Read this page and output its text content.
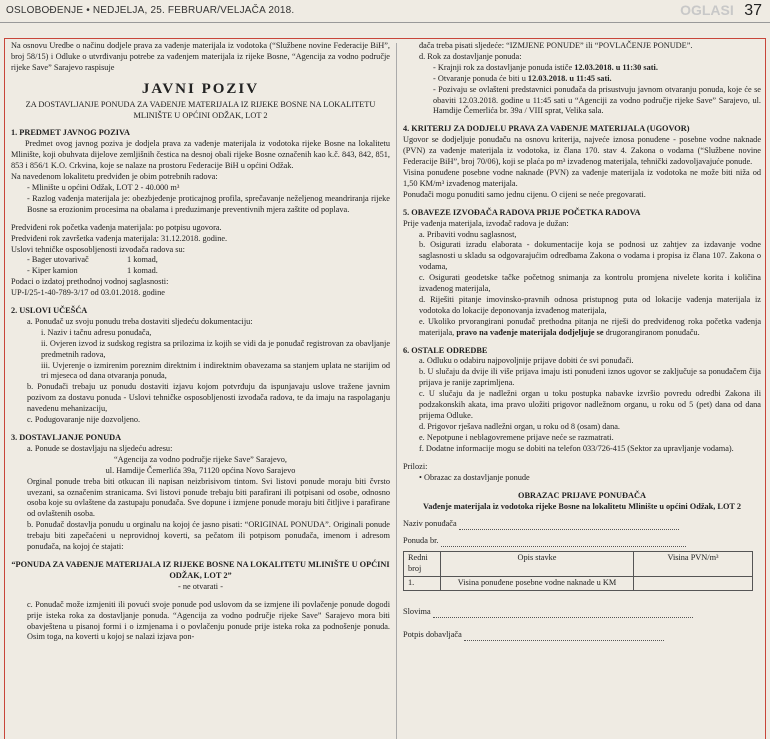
OSLOBOĐENJE • NEDJELJA, 25. FEBRUAR/VELJAČA 2018.	OGLASI 37

Na osnovu Uredbe o načinu dodjele prava za vađenje materijala iz vodotoka (“Službene novine Federacije BiH”, broj 58/15) i Odluke o utvrđivanju potrebe za vađenjem materijala iz rijeke Bosne, “Agencija za vodno područje rijeke Save” Sarajevo raspisuje

JAVNI POZIV
ZA DOSTAVLJANJE PONUDA ZA VAĐENJE MATERIJALA IZ RIJEKE BOSNE NA LOKALITETU MLINIŠTE U OPĆINI ODŽAK, LOT 2
1. PREDMET JAVNOG POZIVA

Predmet ovog javnog poziva je dodjela prava za vađenje materijala iz vodotoka rijeke Bosne na lokalitetu Mlinište, koji obuhvata dijelove zemljišnih čestica na desnoj obali rijeke Bosne označenih kao k.č. 843, 842, 851, 853 i 856/1 K.O. Crkvina, koje se nalaze na prostoru Federacije BiH u općini Odžak.

Na navedenom lokalitetu predviđen je obim potrebnih radova:

- Mlinište u općini Odžak, LOT 2 - 40.000 m³

- Razlog vađenja materijala je: obezbjeđenje proticajnog profila, sprečavanje neželjenog meandriranja rijeke Bosne sa erozionim procesima na obalama i preduzimanje preventivnih mjera zaštite od poplava.

Predviđeni rok početka vađenja materijala: po potpisu ugovora.

Predviđeni rok završetka vađenja materijala: 31.12.2018. godine.

Uslovi tehničke osposobljenosti izvođača radova su:

- Bager utovarivač	1 komad,

- Kiper kamion	1 komad.

Podaci o izdatoj prethodnoj vodnoj saglasnosti:

UP-I/25-1-40-789-3/17 od 03.01.2018. godine

2. USLOVI UČEŠĆA

a. Ponuđač uz svoju ponudu treba dostaviti sljedeću dokumentaciju:

i. Naziv i tačnu adresu ponuđača,

ii. Ovjeren izvod iz sudskog registra sa prilozima iz kojih se vidi da je ponuđač registrovan za obavljanje predmetnih radova,

iii. Uvjerenje o izmirenim poreznim direktnim i indirektnim obavezama sa stanjem uplata ne starijim od tri mjeseca od dana otvaranja ponuda,

b. Ponuđači trebaju uz ponudu dostaviti izjavu kojom potvrđuju da ispunjavaju uslove tražene javnim pozivom za dostavu ponuda - Uslovi tehničke osposobljenosti izvođača radova, te da imaju na raspolaganju navedenu mehanizaciju,

c. Podugovaranje nije dozvoljeno.

3. DOSTAVLJANJE PONUDA

a. Ponude se dostavljaju na sljedeću adresu:

“Agencija za vodno područje rijeke Save” Sarajevo,

ul. Hamdije Čemerlića 39a, 71120 općina Novo Sarajevo

Orginal ponude treba biti otkucan ili napisan neizbrisivom tintom. Svi listovi ponude moraju biti čvrsto uvezani, sa označenim stranicama. Svi listovi ponude trebaju biti parafirani ili potpisani od osobe, odnosno osoba koje su ovlaštene da zastupaju ponuđača. Sve dopune i izmjene ponude moraju biti čitljive i parafirane od ovlaštenih osoba.

b. Ponuđač dostavlja ponudu u orginalu na kojoj će jasno pisati: “ORIGINAL PONUDA”. Originali ponude trebaju biti zapečaćeni u neprovidnoj koverti, sa pečatom ili potpisom ponuđača, imenom i adresom ponuđača, na kojoj će stajati:

“PONUDA ZA VAĐENJE MATERIJALA IZ RIJEKE BOSNE NA LOKALITETU MLINIŠTE U OPĆINI ODŽAK, LOT 2”

- ne otvarati -

c. Ponuđač može izmjeniti ili povući svoje ponude pod uslovom da se izmjene ili povlačenje ponude dogodi prije isteka roka za dostavljanje ponuda. “Agencija za vodno područje rijeke Save” Sarajevo mora biti obavještena u pisanoj formi i o izmjenama i o povlačenju ponude prije isteka roka za podnošenje ponuda. Osim toga, na koverti u kojoj se nalazi izjava pon-

đača treba pisati sljedeće: “IZMJENE PONUDE” ili “POVLAČENJE PONUDE”.

d. Rok za dostavljanje ponuda:

- Krajnji rok za dostavljanje ponuda ističe 12.03.2018. u 11:30 sati.

- Otvaranje ponuda će biti u 12.03.2018. u 11:45 sati.

- Pozivaju se ovlašteni predstavnici ponuđača da prisustvuju javnom otvaranju ponuda, koje će se obaviti 12.03.2018. godine u 11:45 sati u “Agenciji za vodno područje rijeke Save” Sarajevo, ul. Hamdije Čemerlića br. 39a / VIII sprat, Velika sala.

4. KRITERIJ ZA DODJELU PRAVA ZA VAĐENJE MATERIJALA (UGOVOR)

Ugovor se dodjeljuje ponuđaču na osnovu kriterija, najveće iznosa ponuđene - posebne vodne naknade (PVN) za vađenje materijala iz vodotoka, iz člana 170. stav 4. Zakona o vodama (“Službene novine Federacije BiH”, broj 70/06), koji se plaća po m³ izvađenog materijala, tehnički zadovoljavajuće ponude.

Visina ponuđene posebne vodne naknade (PVN) za vađenje materijala iz vodotoka ne može biti niža od 1,50 KM/m³ izvađenog materijala.

Ponuđači mogu ponuditi samo jednu cijenu. O cijeni se neće pregovarati.

5. OBAVEZE IZVOĐAČA RADOVA PRIJE POČETKA RADOVA

Prije vađenja materijala, izvođač radova je dužan:

a. Pribaviti vodnu saglasnost,

b. Osigurati izradu elaborata - dokumentacije koja se podnosi uz zahtjev za izdavanje vodne saglasnosti u skladu sa odgovarajućim odredbama Zakona o vodama i propisa iz člana 107. Zakona o vodama,

c. Osigurati geodetske tačke početnog snimanja za kontrolu promjena nivelete korita i količina izvađenog materijala,

d. Riješiti pitanje imovinsko-pravnih odnosa pristupnog puta od lokacije vađenja materijala iz vodotoka do lokacije deponovanja izvađenog materijala,

e. Ukoliko prvorangirani ponuđač prethodna pitanja ne riješi do predviđenog roka početka vađenja materijala, pravo na vađenje materijala dodjeljuje se drugorangiranom ponuđaču.

6. OSTALE ODREDBE

a. Odluku o odabiru najpovoljnije prijave dobiti će svi ponuđači.

b. U slučaju da dvije ili više prijava imaju isti ponuđeni iznos ugovor se zaključuje sa ponuđačem čija prijava je ranije zaprimljena.

c. U slučaju da je nadležni organ u toku postupka nabavke izvršio povredu odredbi Zakona ili podzakonskih akata, ima pravo uložiti prigovor nadležnom organu, u roku od 5 (pet) dana od dana prijema Odluke.

d. Prigovor rješava nadležni organ, u roku od 8 (osam) dana.

e. Nepotpune i neblagovremene prijave neće se razmatrati.

f. Dodatne informacije mogu se dobiti na telefon 033/726-415 (Sektor za upravljanje vodama).

Prilozi:

• Obrazac za dostavljanje ponude

OBRAZAC PRIJAVE PONUĐAČA

Vađenje materijala iz vodotoka rijeke Bosne na lokalitetu Mlinište u općini Odžak, LOT 2

Naziv ponuđača
Ponuda br.
Redni broj	Opis stavke	Visina PVN/m³
1.	Visina ponuđene posebne vodne naknade u KM	
Slovima
Potpis dobavljača
